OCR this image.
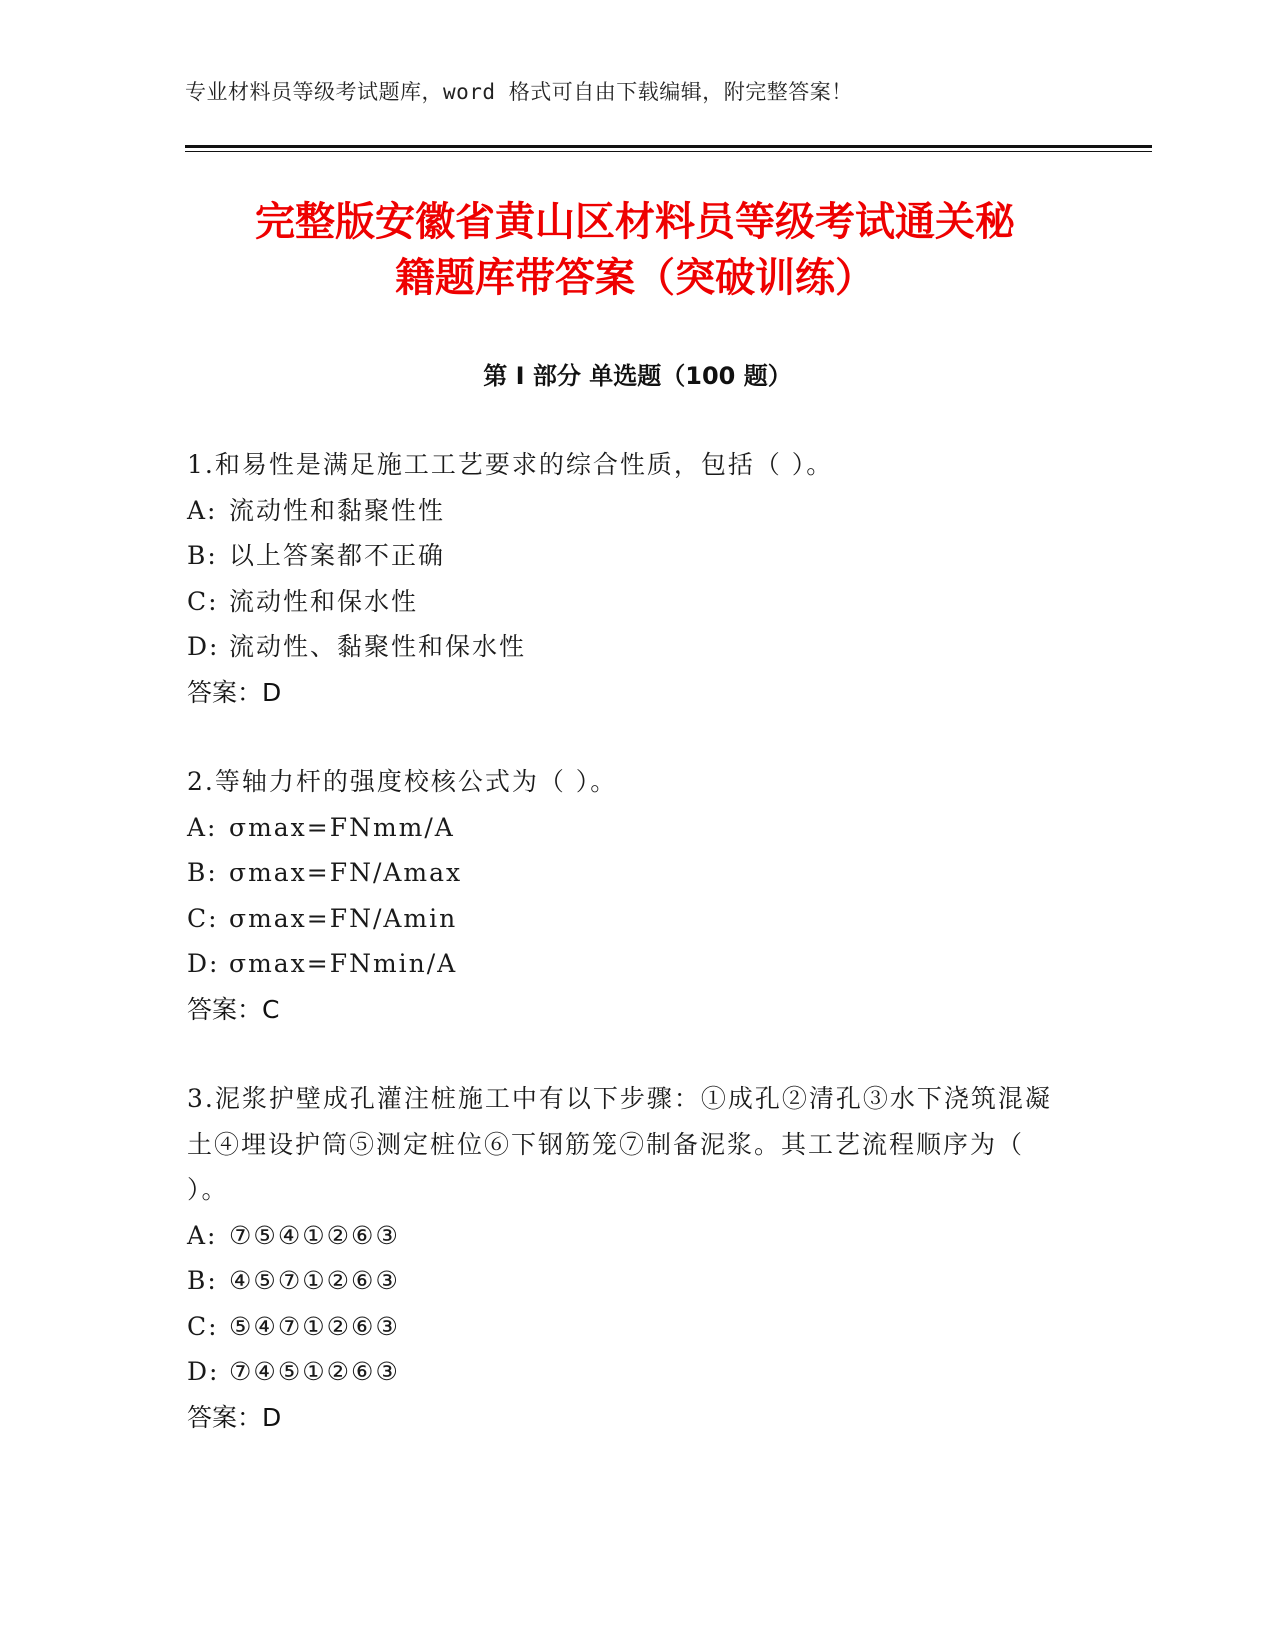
专业材料员等级考试题库，word 格式可自由下载编辑，附完整答案！
完整版安徽省黄山区材料员等级考试通关秘
籍题库带答案（突破训练）
第 I 部分 单选题（100 题）
1.和易性是满足施工工艺要求的综合性质，包括（ ）。
A: 流动性和黏聚性性
B: 以上答案都不正确
C: 流动性和保水性
D: 流动性、黏聚性和保水性
答案：D
2.等轴力杆的强度校核公式为（ ）。
A: σmax=FNmm/A
B: σmax=FN/Amax
C: σmax=FN/Amin
D: σmax=FNmin/A
答案：C
3.泥浆护壁成孔灌注桩施工中有以下步骤：①成孔②清孔③水下浇筑混凝土④埋设护筒⑤测定桩位⑥下钢筋笼⑦制备泥浆。其工艺流程顺序为（ ）。
A: ⑦⑤④①②⑥③
B: ④⑤⑦①②⑥③
C: ⑤④⑦①②⑥③
D: ⑦④⑤①②⑥③
答案：D
